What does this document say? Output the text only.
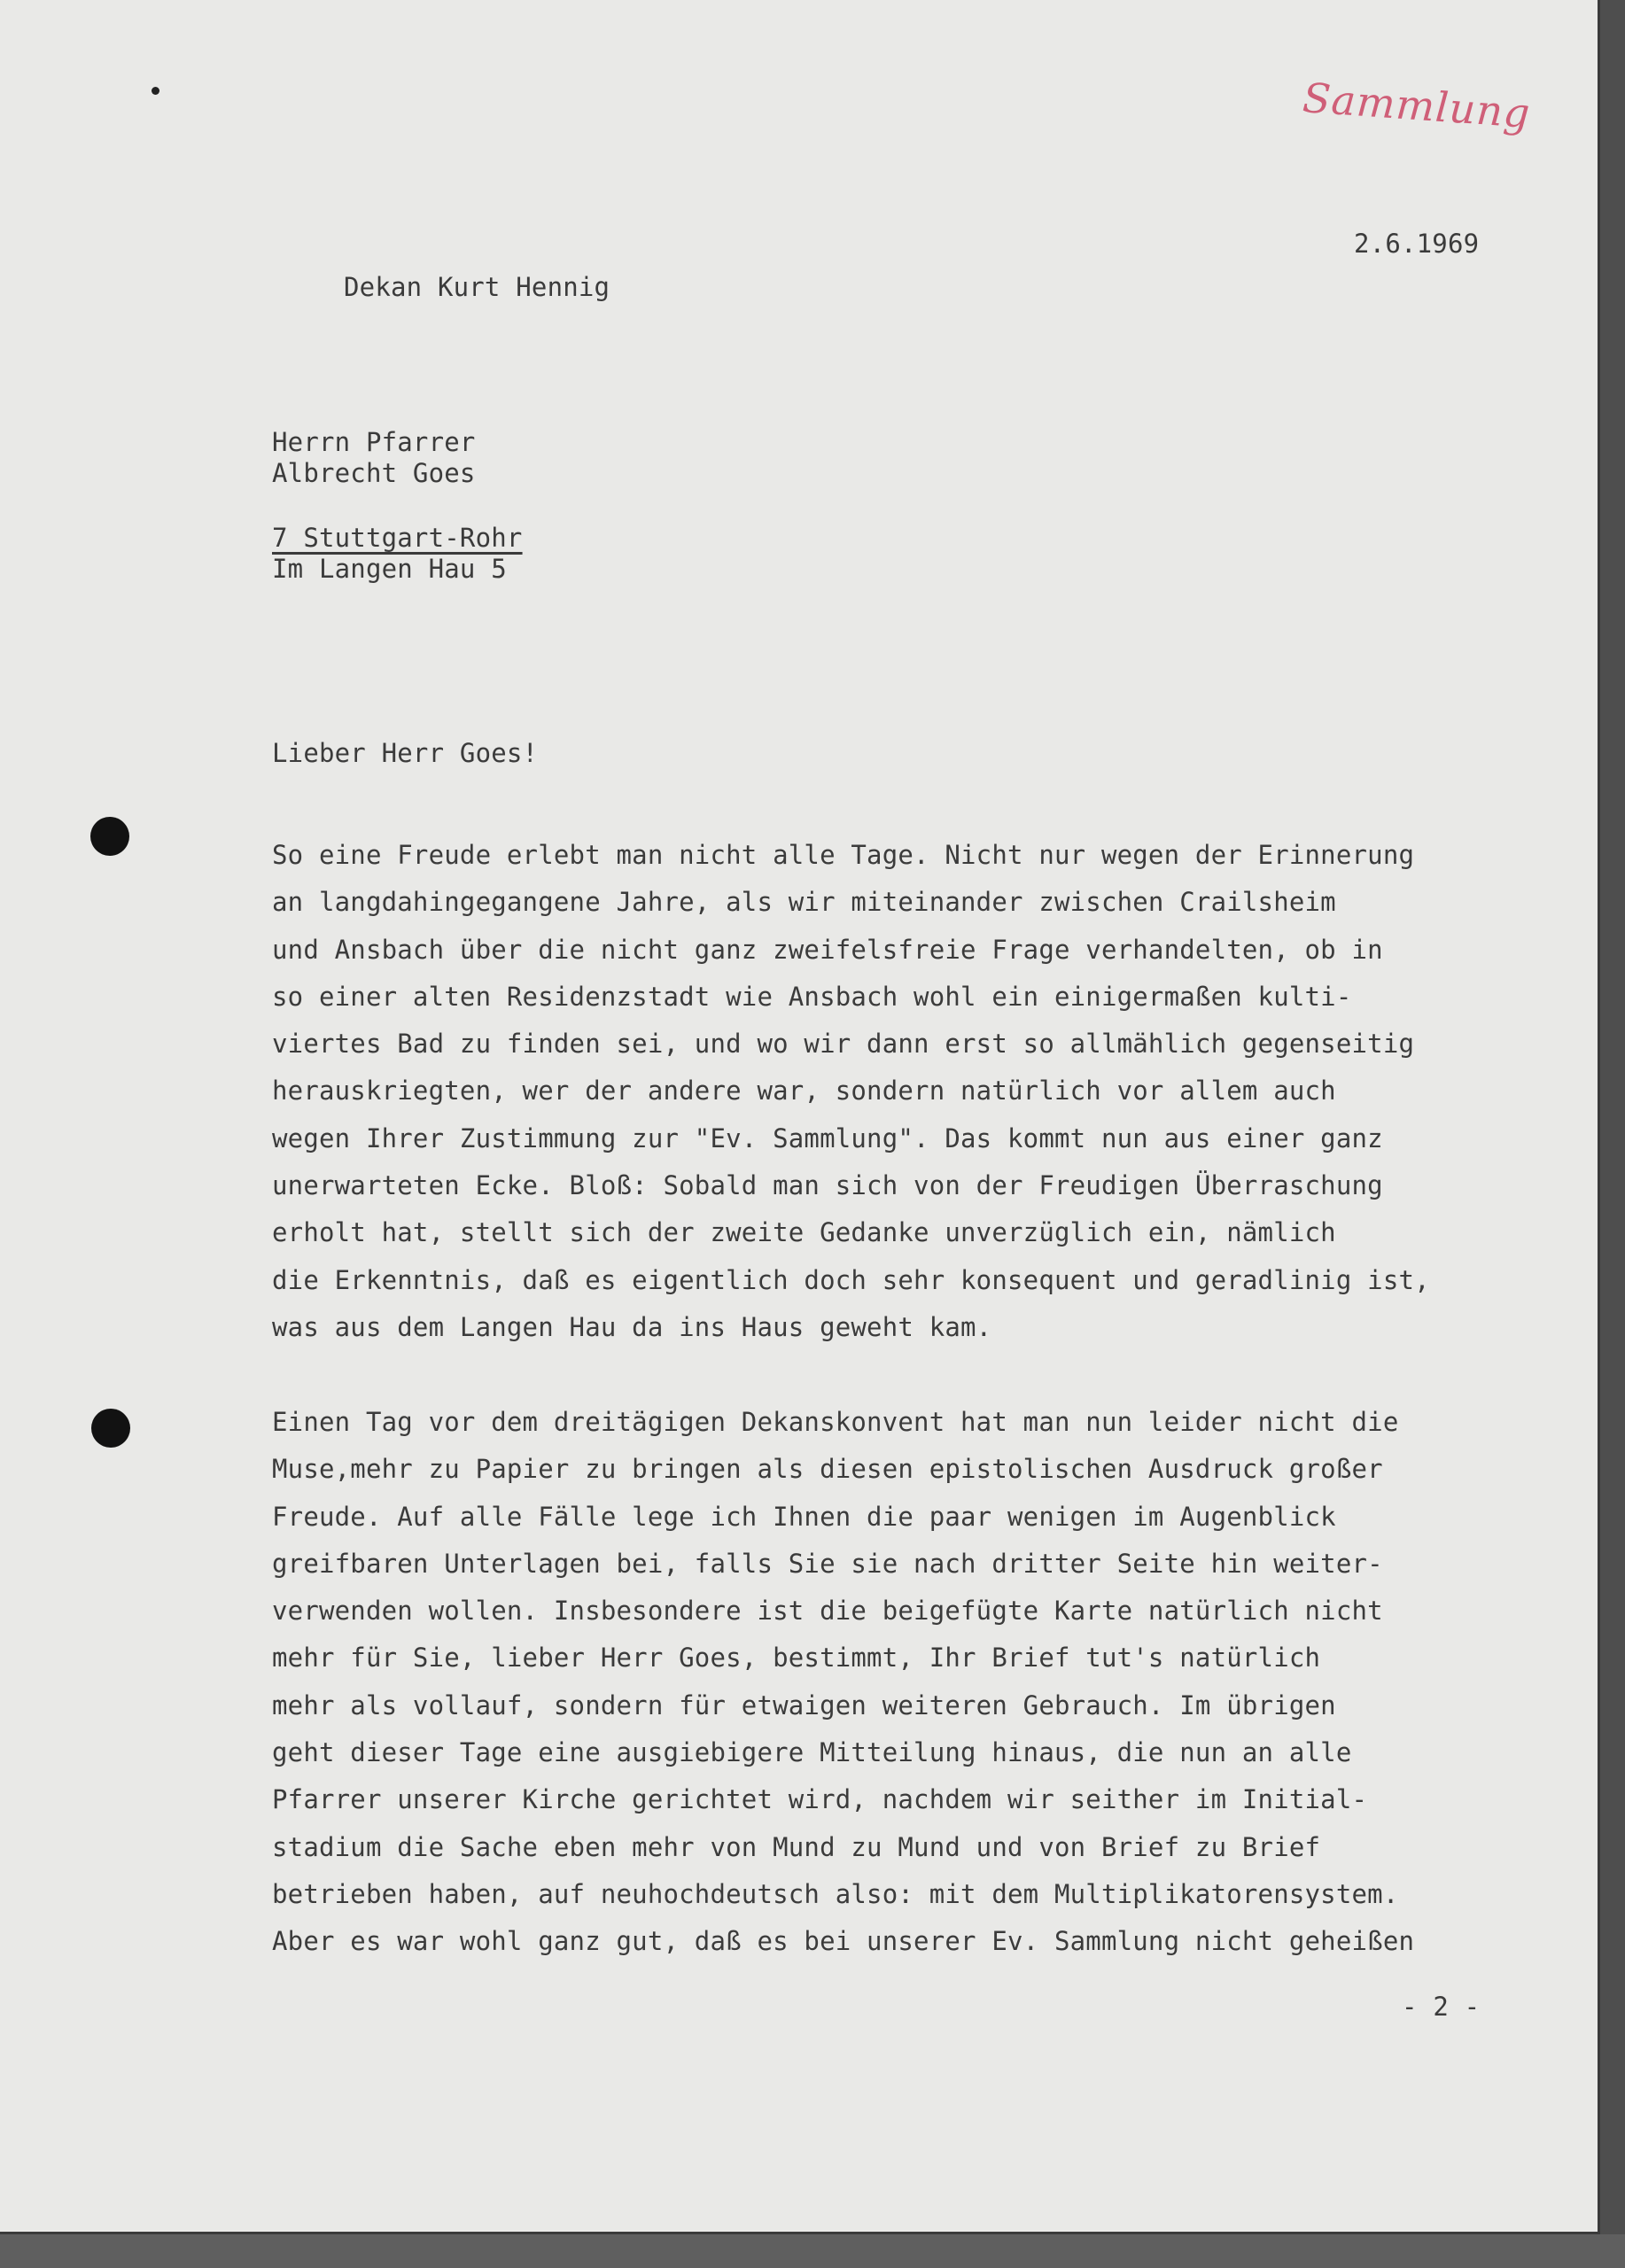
Sammlung
2.6.1969
Dekan Kurt Hennig
Herrn Pfarrer
Albrecht Goes
7 Stuttgart-Rohr
Im Langen Hau 5
Lieber Herr Goes!
So eine Freude erlebt man nicht alle Tage. Nicht nur wegen der Erinnerung
an langdahingegangene Jahre, als wir miteinander zwischen Crailsheim
und Ansbach über die nicht ganz zweifelsfreie Frage verhandelten, ob in
so einer alten Residenzstadt wie Ansbach wohl ein einigermaßen kulti-
viertes Bad zu finden sei, und wo wir dann erst so allmählich gegenseitig
herauskriegten, wer der andere war, sondern natürlich vor allem auch
wegen Ihrer Zustimmung zur "Ev. Sammlung". Das kommt nun aus einer ganz
unerwarteten Ecke. Bloß: Sobald man sich von der Freudigen Überraschung
erholt hat, stellt sich der zweite Gedanke unverzüglich ein, nämlich
die Erkenntnis, daß es eigentlich doch sehr konsequent und geradlinig ist,
was aus dem Langen Hau da ins Haus geweht kam.
Einen Tag vor dem dreitägigen Dekanskonvent hat man nun leider nicht die
Muse,mehr zu Papier zu bringen als diesen epistolischen Ausdruck großer
Freude. Auf alle Fälle lege ich Ihnen die paar wenigen im Augenblick
greifbaren Unterlagen bei, falls Sie sie nach dritter Seite hin weiter-
verwenden wollen. Insbesondere ist die beigefügte Karte natürlich nicht
mehr für Sie, lieber Herr Goes, bestimmt, Ihr Brief tut's natürlich
mehr als vollauf, sondern für etwaigen weiteren Gebrauch. Im übrigen
geht dieser Tage eine ausgiebigere Mitteilung hinaus, die nun an alle
Pfarrer unserer Kirche gerichtet wird, nachdem wir seither im Initial-
stadium die Sache eben mehr von Mund zu Mund und von Brief zu Brief
betrieben haben, auf neuhochdeutsch also: mit dem Multiplikatorensystem.
Aber es war wohl ganz gut, daß es bei unserer Ev. Sammlung nicht geheißen
- 2 -
